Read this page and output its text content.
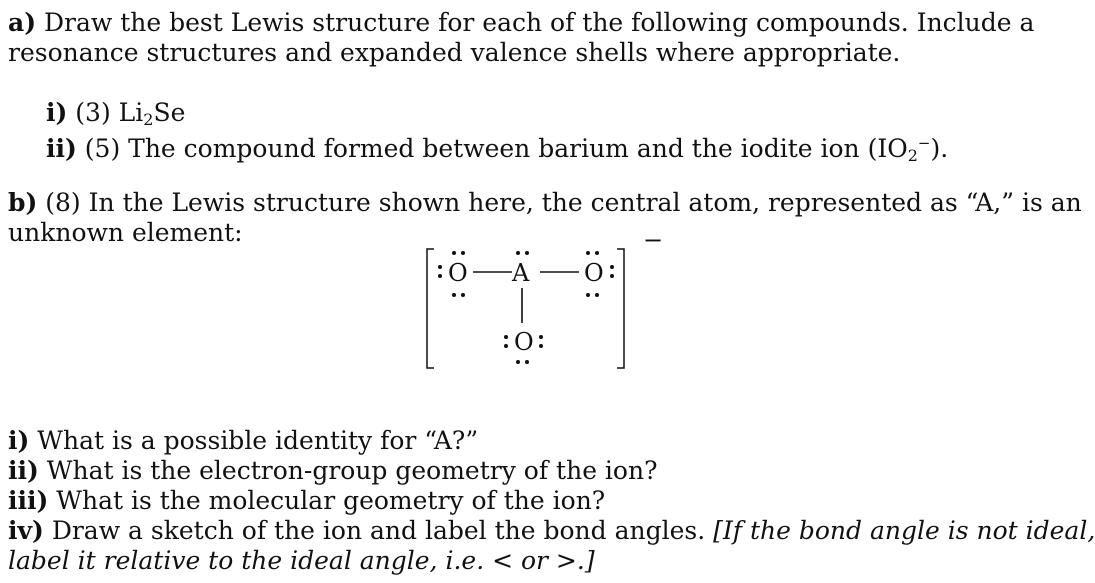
a) Draw the best Lewis structure for each of the following compounds. Include a
resonance structures and expanded valence shells where appropriate.
i) (3) $Li_2Se$
ii) (5) The compound formed between barium and the iodite ion $(IO_2^-)$.
b) (8) In the Lewis structure shown here, the central atom, represented as “A,” is an
unknown element:	−
O A O
O
i) What is a possible identity for “A?”
ii) What is the electron-group geometry of the ion?
iii) What is the molecular geometry of the ion?
iv) Draw a sketch of the ion and label the bond angles. [If the bond angle is not ideal,
label it relative to the ideal angle, i.e. < or >.]
